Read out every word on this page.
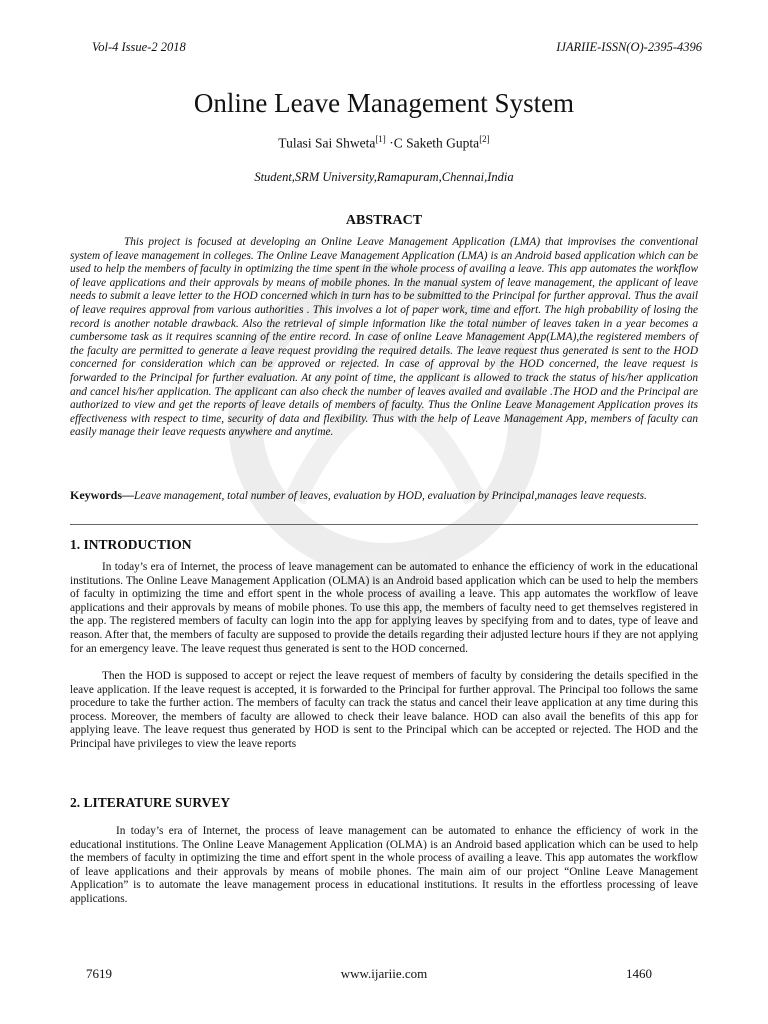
Vol-4 Issue-2 2018	IJARIIE-ISSN(O)-2395-4396
Online Leave Management System
Tulasi Sai Shweta[1] ·C Saketh Gupta[2]
Student,SRM University,Ramapuram,Chennai,India
ABSTRACT
This project is focused at developing an Online Leave Management Application (LMA) that improvises the conventional system of leave management in colleges. The Online Leave Management Application (LMA) is an Android based application which can be used to help the members of faculty in optimizing the time spent in the whole process of availing a leave. This app automates the workflow of leave applications and their approvals by means of mobile phones. In the manual system of leave management, the applicant of leave needs to submit a leave letter to the HOD concerned which in turn has to be submitted to the Principal for further approval. Thus the avail of leave requires approval from various authorities . This involves a lot of paper work, time and effort. The high probability of losing the record is another notable drawback. Also the retrieval of simple information like the total number of leaves taken in a year becomes a cumbersome task as it requires scanning of the entire record. In case of online Leave Management App(LMA),the registered members of the faculty are permitted to generate a leave request providing the required details. The leave request thus generated is sent to the HOD concerned for consideration which can be approved or rejected. In case of approval by the HOD concerned, the leave request is forwarded to the Principal for further evaluation. At any point of time, the applicant is allowed to track the status of his/her application and cancel his/her application. The applicant can also check the number of leaves availed and available .The HOD and the Principal are authorized to view and get the reports of leave details of members of faculty. Thus the Online Leave Management Application proves its effectiveness with respect to time, security of data and flexibility. Thus with the help of Leave Management App, members of faculty can easily manage their leave requests anywhere and anytime.
Keywords—Leave management, total number of leaves, evaluation by HOD, evaluation by Principal,manages leave requests.
1. INTRODUCTION
In today’s era of Internet, the process of leave management can be automated to enhance the efficiency of work in the educational institutions. The Online Leave Management Application (OLMA) is an Android based application which can be used to help the members of faculty in optimizing the time and effort spent in the whole process of availing a leave. This app automates the workflow of leave applications and their approvals by means of mobile phones. To use this app, the members of faculty need to get themselves registered in the app. The registered members of faculty can login into the app for applying leaves by specifying from and to dates, type of leave and reason. After that, the members of faculty are supposed to provide the details regarding their adjusted lecture hours if they are not applying for an emergency leave. The leave request thus generated is sent to the HOD concerned.
Then the HOD is supposed to accept or reject the leave request of members of faculty by considering the details specified in the leave application. If the leave request is accepted, it is forwarded to the Principal for further approval. The Principal too follows the same procedure to take the further action. The members of faculty can track the status and cancel their leave application at any time during this process. Moreover, the members of faculty are allowed to check their leave balance. HOD can also avail the benefits of this app for applying leave. The leave request thus generated by HOD is sent to the Principal which can be accepted or rejected. The HOD and the Principal have privileges to view the leave reports
2. LITERATURE SURVEY
In today’s era of Internet, the process of leave management can be automated to enhance the efficiency of work in the educational institutions. The Online Leave Management Application (OLMA) is an Android based application which can be used to help the members of faculty in optimizing the time and effort spent in the whole process of availing a leave. This app automates the workflow of leave applications and their approvals by means of mobile phones. The main aim of our project “Online Leave Management Application” is to automate the leave management process in educational institutions. It results in the effortless processing of leave applications.
7619	www.ijariie.com	1460
